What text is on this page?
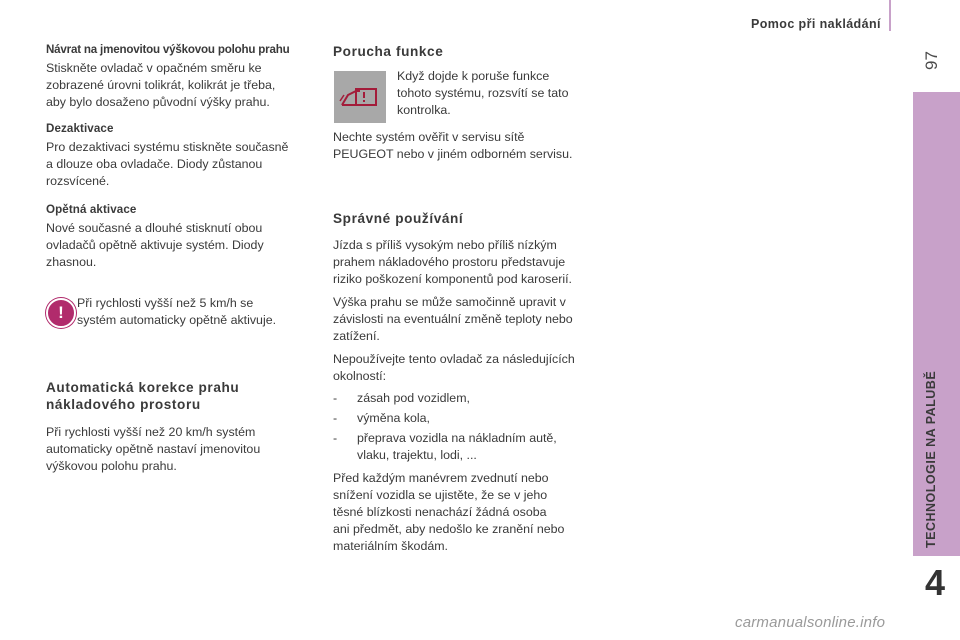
Pomoc při nakládání
97
TECHNOLOGIE NA PALUBĚ
4
Návrat na jmenovitou výškovou polohu prahu

Stiskněte ovladač v opačném směru ke

zobrazené úrovni tolikrát, kolikrát je třeba,

aby bylo dosaženo původní výšky prahu.

Dezaktivace

Pro dezaktivaci systému stiskněte současně

a dlouze oba ovladače. Diody zůstanou

rozsvícené.

Opětná aktivace

Nové současné a dlouhé stisknutí obou

ovladačů opětně aktivuje systém. Diody

zhasnou.

!	Při rychlosti vyšší než 5 km/h se

systém automaticky opětně aktivuje.

Automatická korekce prahu
nákladového prostoru

Při rychlosti vyšší než 20 km/h systém

automaticky opětně nastaví jmenovitou

výškovou polohu prahu.

Porucha funkce

Když dojde k poruše funkce

tohoto systému, rozsvítí se tato

kontrolka.

Nechte systém ověřit v servisu sítě

PEUGEOT nebo v jiném odborném servisu.

Správné používání

Jízda s příliš vysokým nebo příliš nízkým

prahem nákladového prostoru představuje

riziko poškození komponentů pod karoserií.

Výška prahu se může samočinně upravit v

závislosti na eventuální změně teploty nebo

zatížení.

Nepoužívejte tento ovladač za následujících

okolností:

-	zásah pod vozidlem,
-	výměna kola,
-	přeprava vozidla na nákladním autě,

vlaku, trajektu, lodi, ...

Před každým manévrem zvednutí nebo

snížení vozidla se ujistěte, že se v jeho

těsné blízkosti nenachází žádná osoba

ani předmět, aby nedošlo ke zranění nebo

materiálním škodám.

carmanualsonline.info
